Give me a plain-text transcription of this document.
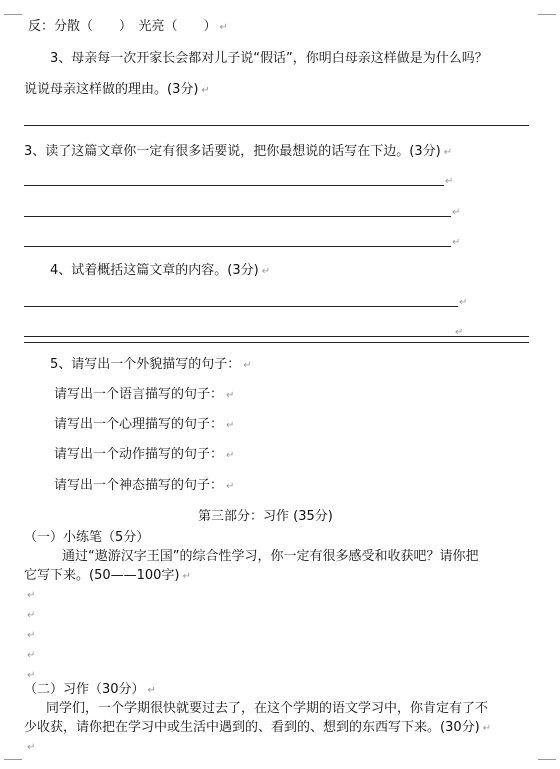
反：分散（　　）　光亮（　　） ↵
3、母亲每一次开家长会都对儿子说“假话”，你明白母亲这样做是为什么吗？
说说母亲这样做的理由。(3分) ↵
3、读了这篇文章你一定有很多话要说，把你最想说的话写在下边。(3分) ↵
↵
↵
↵
4、试着概括这篇文章的内容。(3分) ↵
↵
↵
5、请写出一个外貌描写的句子： ↵
请写出一个语言描写的句子： ↵
请写出一个心理描写的句子： ↵
请写出一个动作描写的句子： ↵
请写出一个神态描写的句子： ↵
第三部分：习作 (35分)
（一）小练笔（5分）
通过“遨游汉字王国”的综合性学习，你一定有很多感受和收获吧？请你把
它写下来。(50——100字) ↵
↵
↵
↵
↵
↵
（二）习作（30分） ↵
同学们，一个学期很快就要过去了，在这个学期的语文学习中，你肯定有了不
少收获，请你把在学习中或生活中遇到的、看到的、想到的东西写下来。(30分) ↵
↵
